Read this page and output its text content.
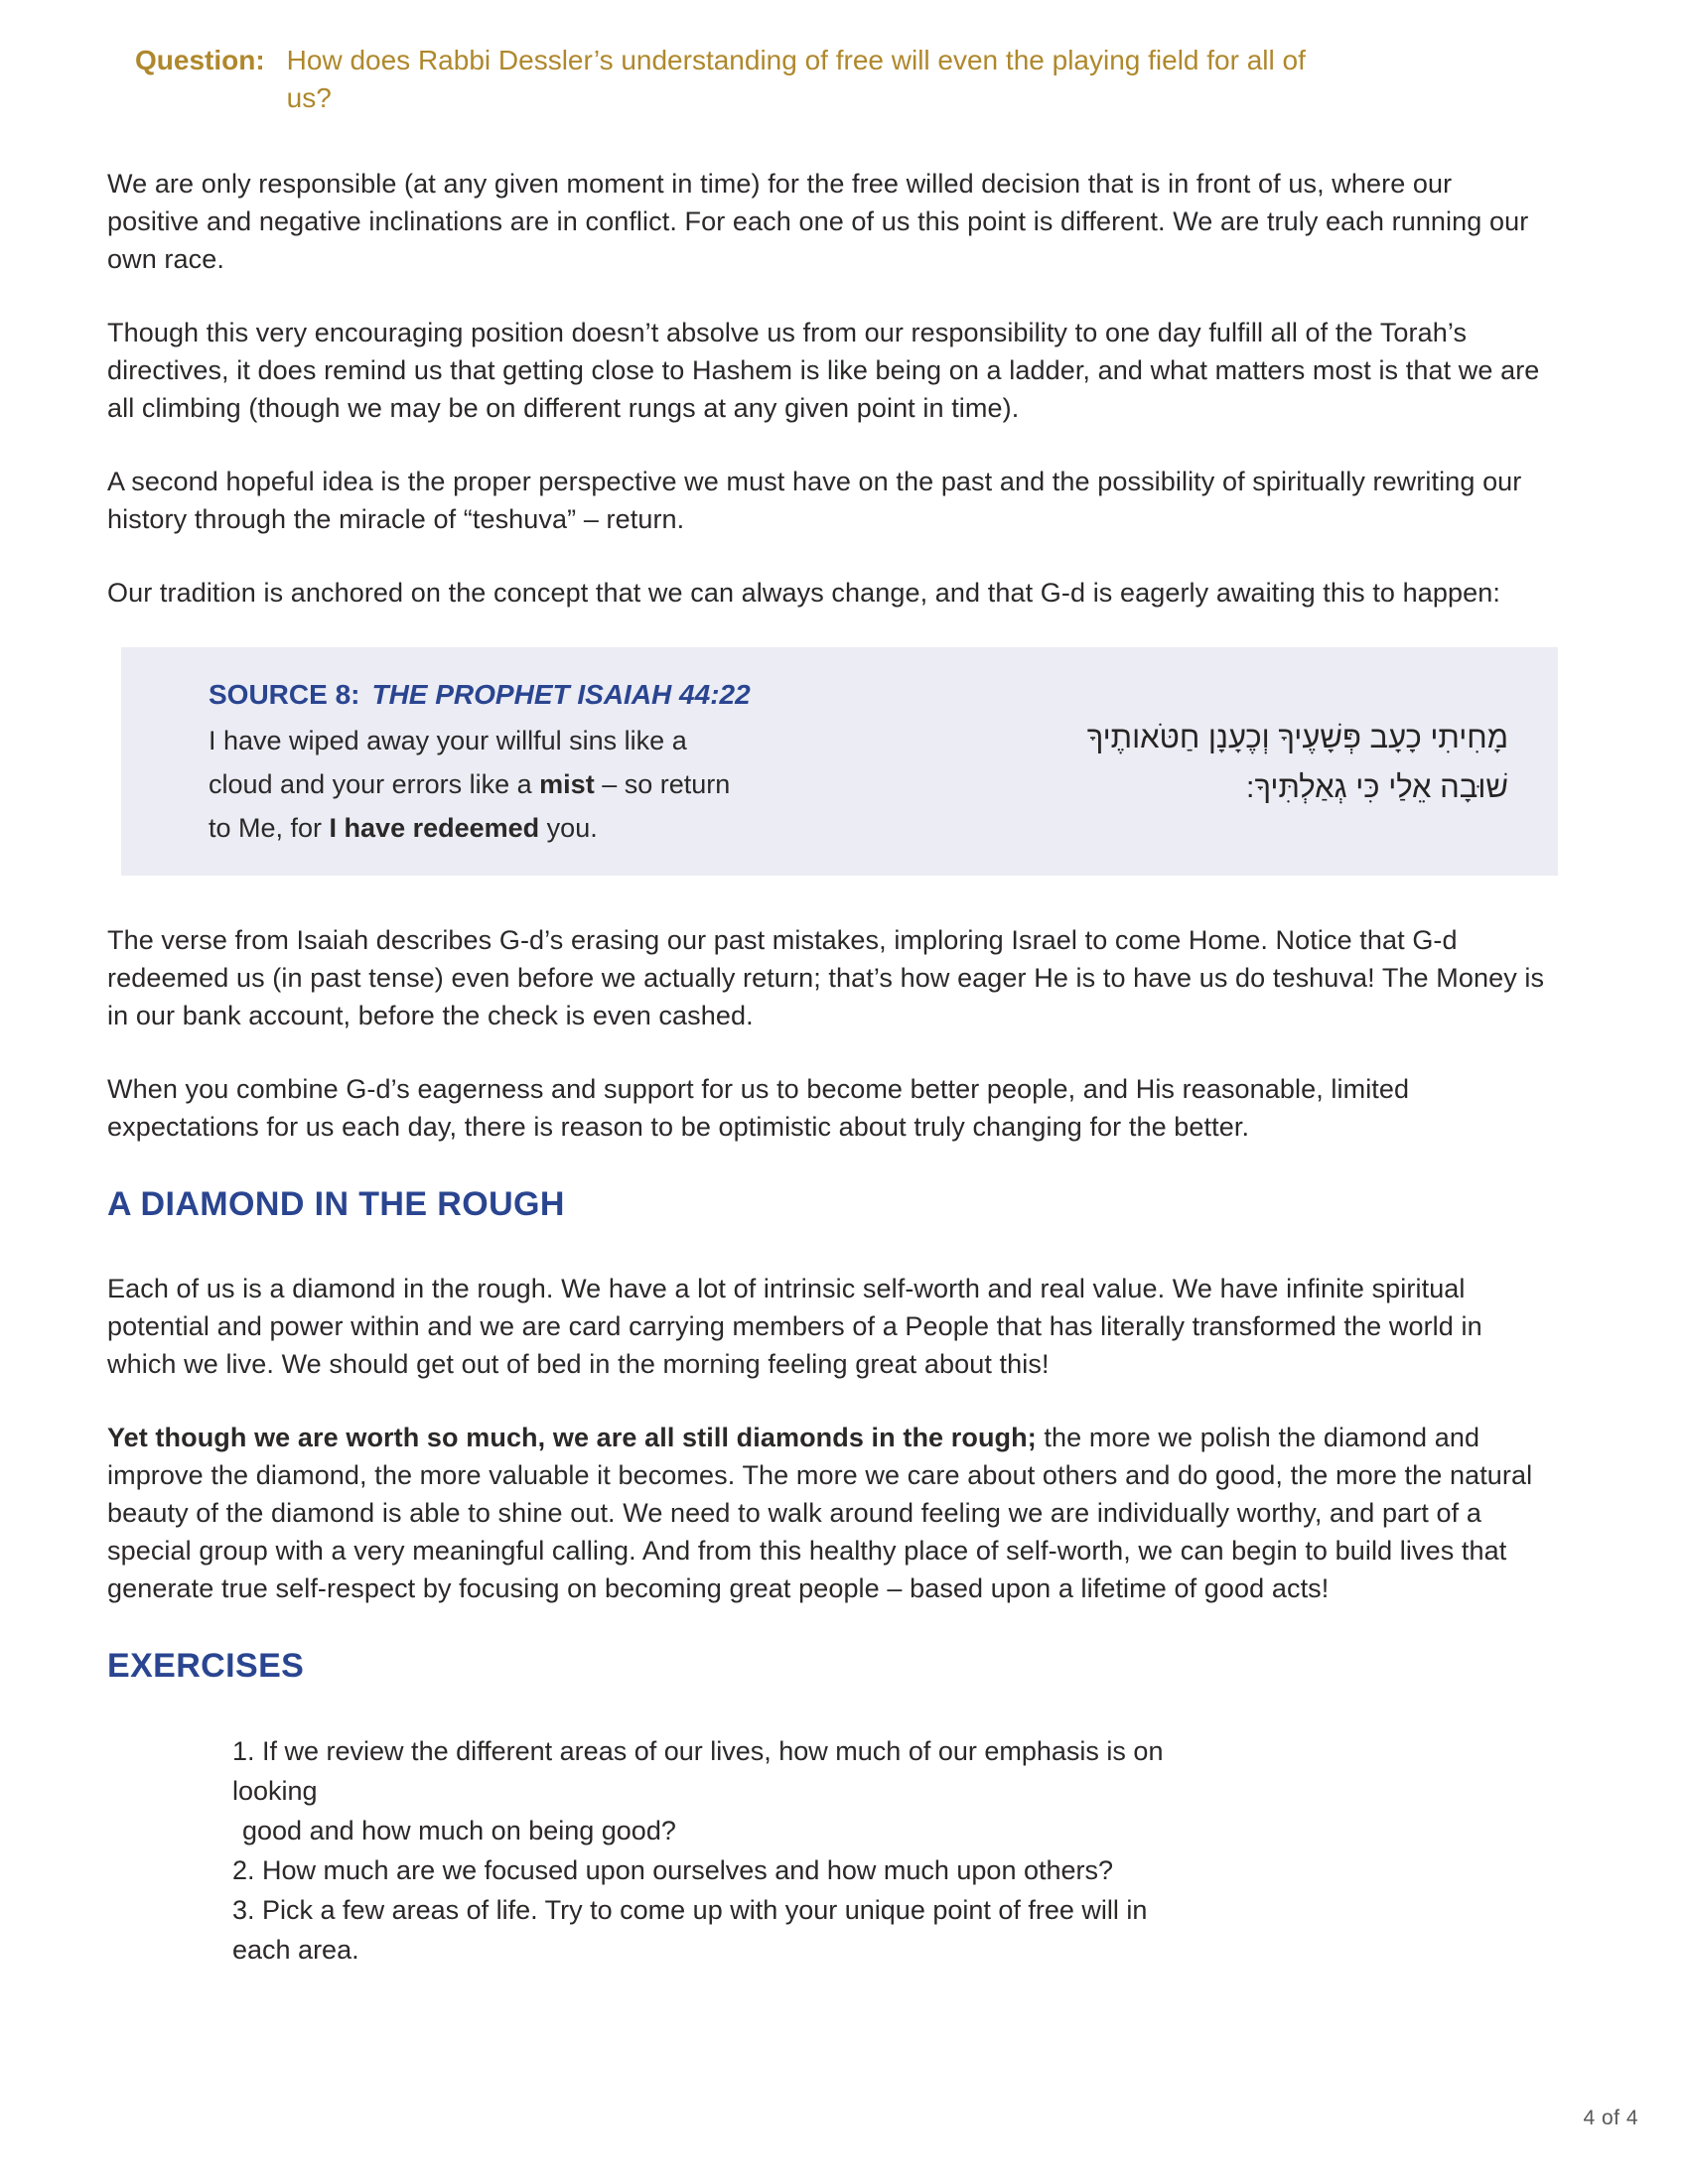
Question: How does Rabbi Dessler’s understanding of free will even the playing field for all of
us?

We are only responsible (at any given moment in time) for the free willed decision that is in front of us, where our positive and negative inclinations are in conflict. For each one of us this point is different. We are truly each running our own race.

Though this very encouraging position doesn’t absolve us from our responsibility to one day fulfill all of the Torah’s directives, it does remind us that getting close to Hashem is like being on a ladder, and what matters most is that we are all climbing (though we may be on different rungs at any given point in time).

A second hopeful idea is the proper perspective we must have on the past and the possibility of spiritually rewriting our history through the miracle of “teshuva” – return.

Our tradition is anchored on the concept that we can always change, and that G-d is eagerly awaiting this to happen:

SOURCE 8: THE PROPHET ISAIAH 44:22
I have wiped away your willful sins like a
cloud and your errors like a mist – so return
to Me, for I have redeemed you.
מָחִיתִי כָעָב פְּשָׁעֶיךָ וְכֶעָנָן חַטֹּאותֶיךָ
שׁוּבָה אֵלַי כִּי גְאַלְתִּיךָ:

The verse from Isaiah describes G-d’s erasing our past mistakes, imploring Israel to come Home. Notice that G-d redeemed us (in past tense) even before we actually return; that’s how eager He is to have us do teshuva! The Money is in our bank account, before the check is even cashed.

When you combine G-d’s eagerness and support for us to become better people, and His reasonable, limited expectations for us each day, there is reason to be optimistic about truly changing for the better.

A DIAMOND IN THE ROUGH

Each of us is a diamond in the rough. We have a lot of intrinsic self-worth and real value. We have infinite spiritual potential and power within and we are card carrying members of a People that has literally transformed the world in which we live. We should get out of bed in the morning feeling great about this!

Yet though we are worth so much, we are all still diamonds in the rough; the more we polish the diamond and improve the diamond, the more valuable it becomes. The more we care about others and do good, the more the natural beauty of the diamond is able to shine out. We need to walk around feeling we are individually worthy, and part of a special group with a very meaningful calling. And from this healthy place of self-worth, we can begin to build lives that generate true self-respect by focusing on becoming great people – based upon a lifetime of good acts!

EXERCISES
1. If we review the different areas of our lives, how much of our emphasis is on looking
good and how much on being good?
2. How much are we focused upon ourselves and how much upon others?
3. Pick a few areas of life. Try to come up with your unique point of free will in each area.
4 of 4
